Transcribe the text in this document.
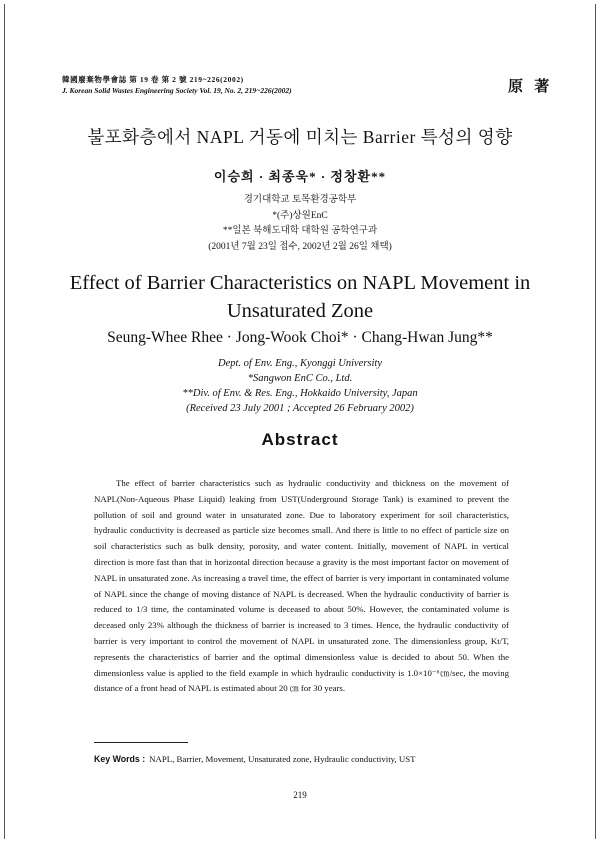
韓國廢棄物學會誌 第 19 卷 第 2 號 219~226(2002)
J. Korean Solid Wastes Engineering Society Vol. 19, No. 2, 219~226(2002)	原 著
불포화층에서 NAPL 거동에 미치는 Barrier 특성의 영향
이승희 · 최종욱* · 정창환**
경기대학교 토목환경공학부
*(주)상원EnC
**일본 북해도대학 대학원 공학연구과
(2001년 7월 23일 접수, 2002년 2월 26일 채택)
Effect of Barrier Characteristics on NAPL Movement in
Unsaturated Zone
Seung-Whee Rhee · Jong-Wook Choi* · Chang-Hwan Jung**
Dept. of Env. Eng., Kyonggi University
*Sangwon EnC Co., Ltd.
**Div. of Env. & Res. Eng., Hokkaido University, Japan
(Received 23 July 2001 ; Accepted 26 February 2002)
Abstract
The effect of barrier characteristics such as hydraulic conductivity and thickness on the movement of NAPL(Non-Aqueous Phase Liquid) leaking from UST(Underground Storage Tank) is examined to prevent the pollution of soil and ground water in unsaturated zone. Due to laboratory experiment for soil characteristics, hydraulic conductivity is decreased as particle size becomes small. And there is little to no effect of particle size on soil characteristics such as bulk density, porosity, and water content. Initially, movement of NAPL in vertical direction is more fast than that in horizontal direction because a gravity is the most important factor on movement of NAPL in unsaturated zone. As increasing a travel time, the effect of barrier is very important in contaminated volume of NAPL since the change of moving distance of NAPL is decreased. When the hydraulic conductivity of barrier is reduced to 1/3 time, the contaminated volume is deceased to about 50%. However, the contaminated volume is deceased only 23% although the thickness of barrier is increased to 3 times. Hence, the hydraulic conductivity of barrier is very important to control the movement of NAPL in unsaturated zone. The dimensionless group, Kt/T, represents the characteristics of barrier and the optimal dimensionless value is decided to about 50. When the dimensionless value is applied to the field example in which hydraulic conductivity is 1.0×10⁻⁶㎝/sec, the moving distance of a front head of NAPL is estimated about 20 ㎝ for 30 years.
Key Words : NAPL, Barrier, Movement, Unsaturated zone, Hydraulic conductivity, UST
219
